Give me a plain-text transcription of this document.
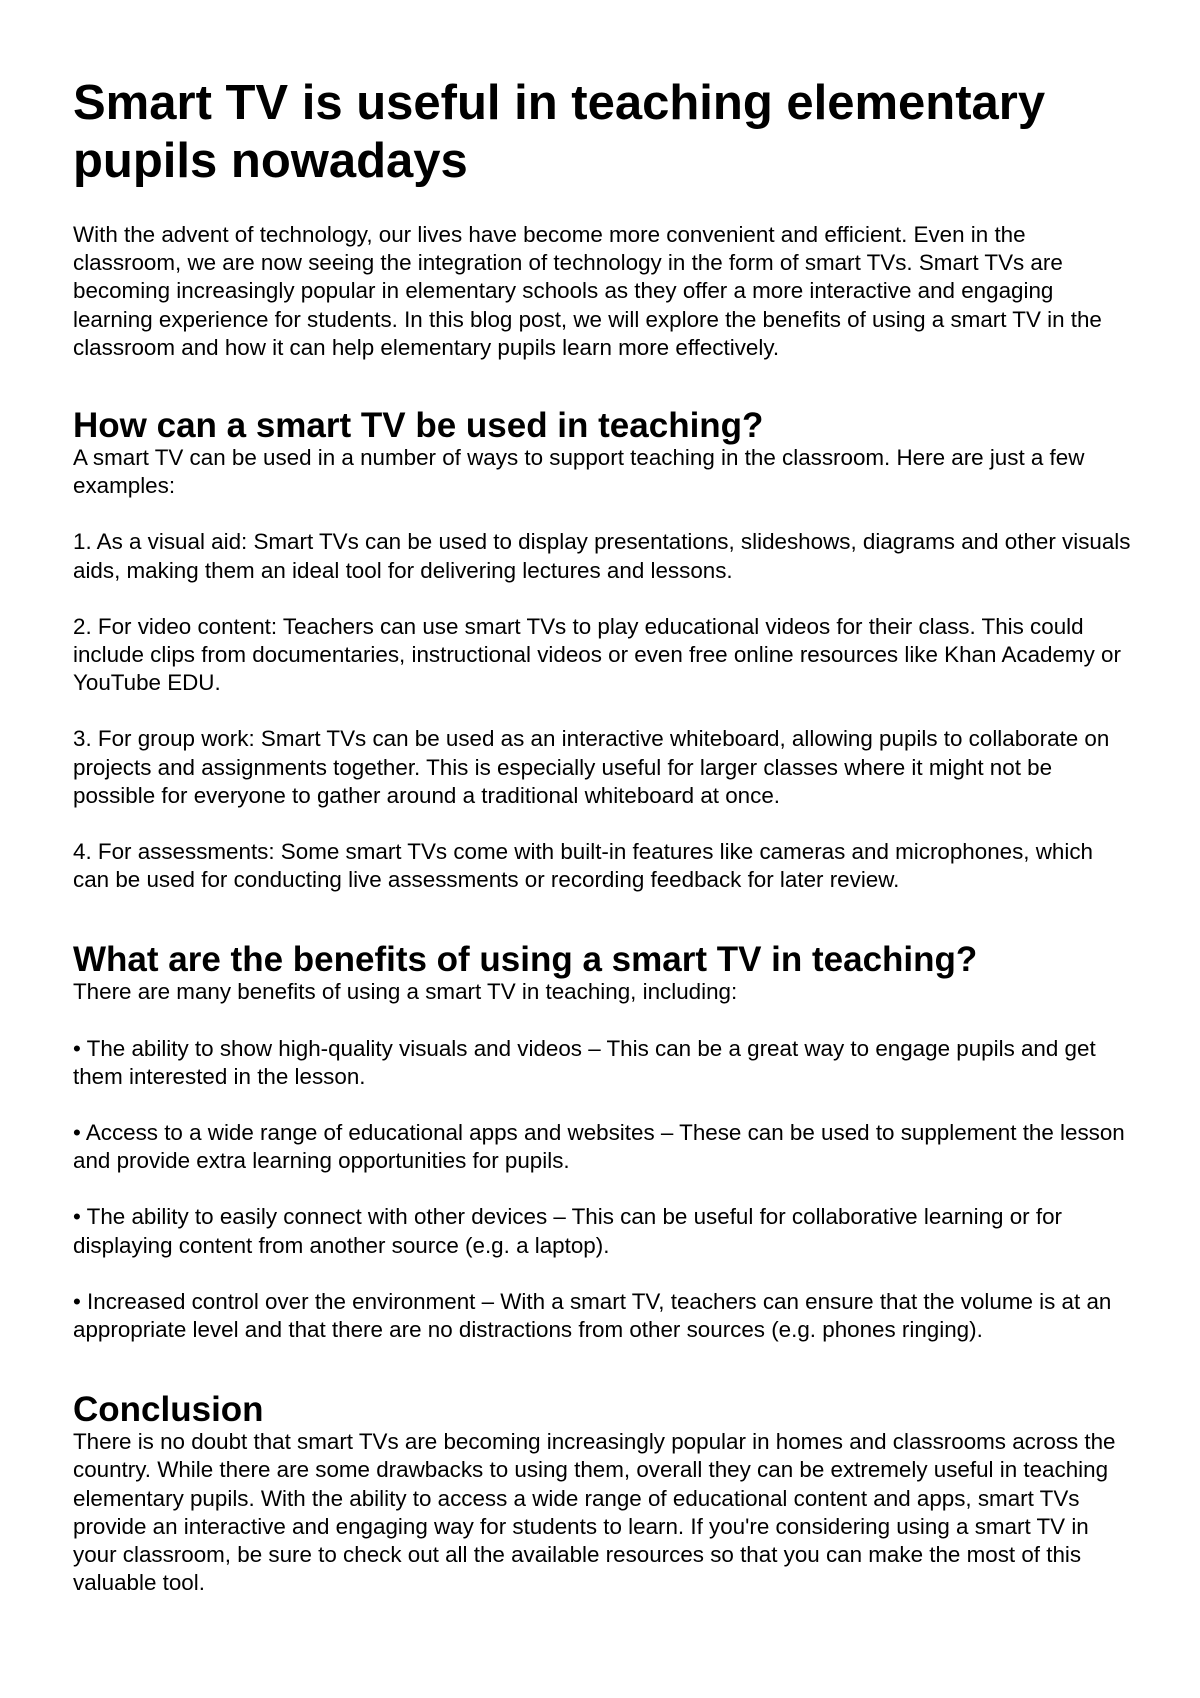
Smart TV is useful in teaching elementary pupils nowadays

With the advent of technology, our lives have become more convenient and efficient. Even in the classroom, we are now seeing the integration of technology in the form of smart TVs. Smart TVs are becoming increasingly popular in elementary schools as they offer a more interactive and engaging learning experience for students. In this blog post, we will explore the benefits of using a smart TV in the classroom and how it can help elementary pupils learn more effectively.

How can a smart TV be used in teaching?

A smart TV can be used in a number of ways to support teaching in the classroom. Here are just a few examples:

1. As a visual aid: Smart TVs can be used to display presentations, slideshows, diagrams and other visuals aids, making them an ideal tool for delivering lectures and lessons.

2. For video content: Teachers can use smart TVs to play educational videos for their class. This could include clips from documentaries, instructional videos or even free online resources like Khan Academy or YouTube EDU.

3. For group work: Smart TVs can be used as an interactive whiteboard, allowing pupils to collaborate on projects and assignments together. This is especially useful for larger classes where it might not be possible for everyone to gather around a traditional whiteboard at once.

4. For assessments: Some smart TVs come with built-in features like cameras and microphones, which can be used for conducting live assessments or recording feedback for later review.

What are the benefits of using a smart TV in teaching?

There are many benefits of using a smart TV in teaching, including:

• The ability to show high-quality visuals and videos – This can be a great way to engage pupils and get them interested in the lesson.

• Access to a wide range of educational apps and websites – These can be used to supplement the lesson and provide extra learning opportunities for pupils.

• The ability to easily connect with other devices – This can be useful for collaborative learning or for displaying content from another source (e.g. a laptop).

• Increased control over the environment – With a smart TV, teachers can ensure that the volume is at an appropriate level and that there are no distractions from other sources (e.g. phones ringing).

Conclusion

There is no doubt that smart TVs are becoming increasingly popular in homes and classrooms across the country. While there are some drawbacks to using them, overall they can be extremely useful in teaching elementary pupils. With the ability to access a wide range of educational content and apps, smart TVs provide an interactive and engaging way for students to learn. If you're considering using a smart TV in your classroom, be sure to check out all the available resources so that you can make the most of this valuable tool.
